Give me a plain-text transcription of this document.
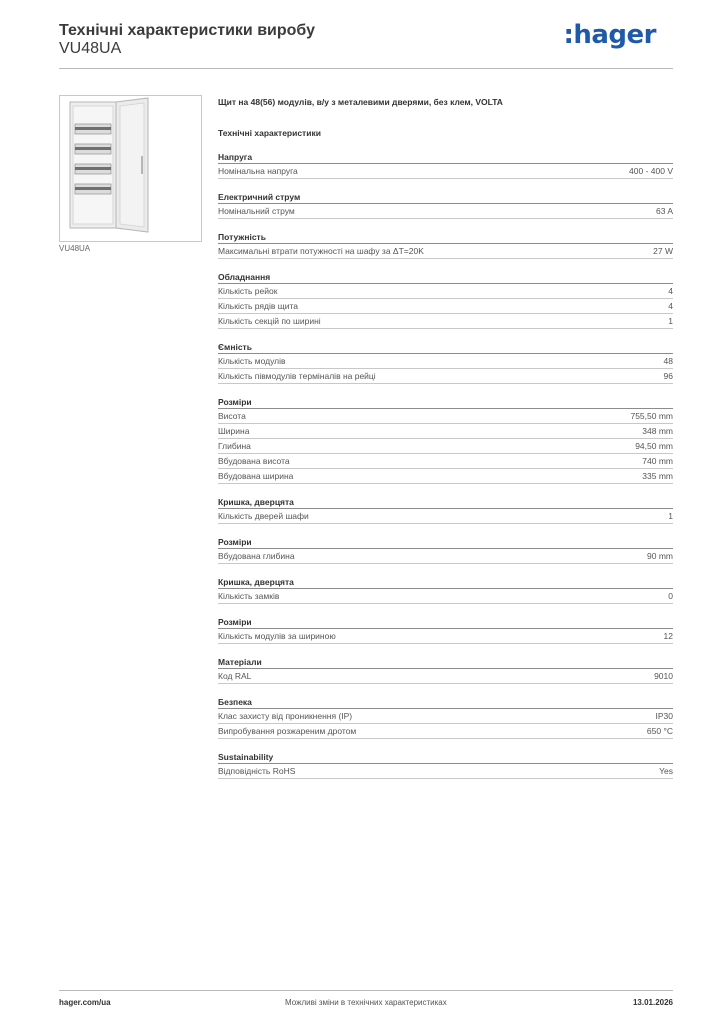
Технічні характеристики виробу
VU48UA	:hager
VU48UA
Щит на 48(56) модулів, в/у з металевими дверями, без клем, VOLTA
Технічні характеристики
Напруга
Номінальна напруга	400 - 400 V
Електричний струм
Номінальний струм	63 A
Потужність
Максимальні втрати потужності на шафу за ΔT=20K	27 W
Обладнання
Кількість рейок	4
Кількість рядів щита	4
Кількість секцій по ширині	1
Ємність
Кількість модулів	48
Кількість півмодулів терміналів на рейці	96
Розміри
Висота	755,50 mm
Ширина	348 mm
Глибина	94,50 mm
Вбудована висота	740 mm
Вбудована ширина	335 mm
Кришка, дверцята
Кількість дверей шафи	1
Розміри
Вбудована глибина	90 mm
Кришка, дверцята
Кількість замків	0
Розміри
Кількість модулів за шириною	12
Матеріали
Код RAL	9010
Безпека
Клас захисту від проникнення (IP)	IP30
Випробування розжареним дротом	650 °C
Sustainability
Відповідність RoHS	Yes
hager.com/ua	Можливі зміни в технічних характеристиках	13.01.2026
